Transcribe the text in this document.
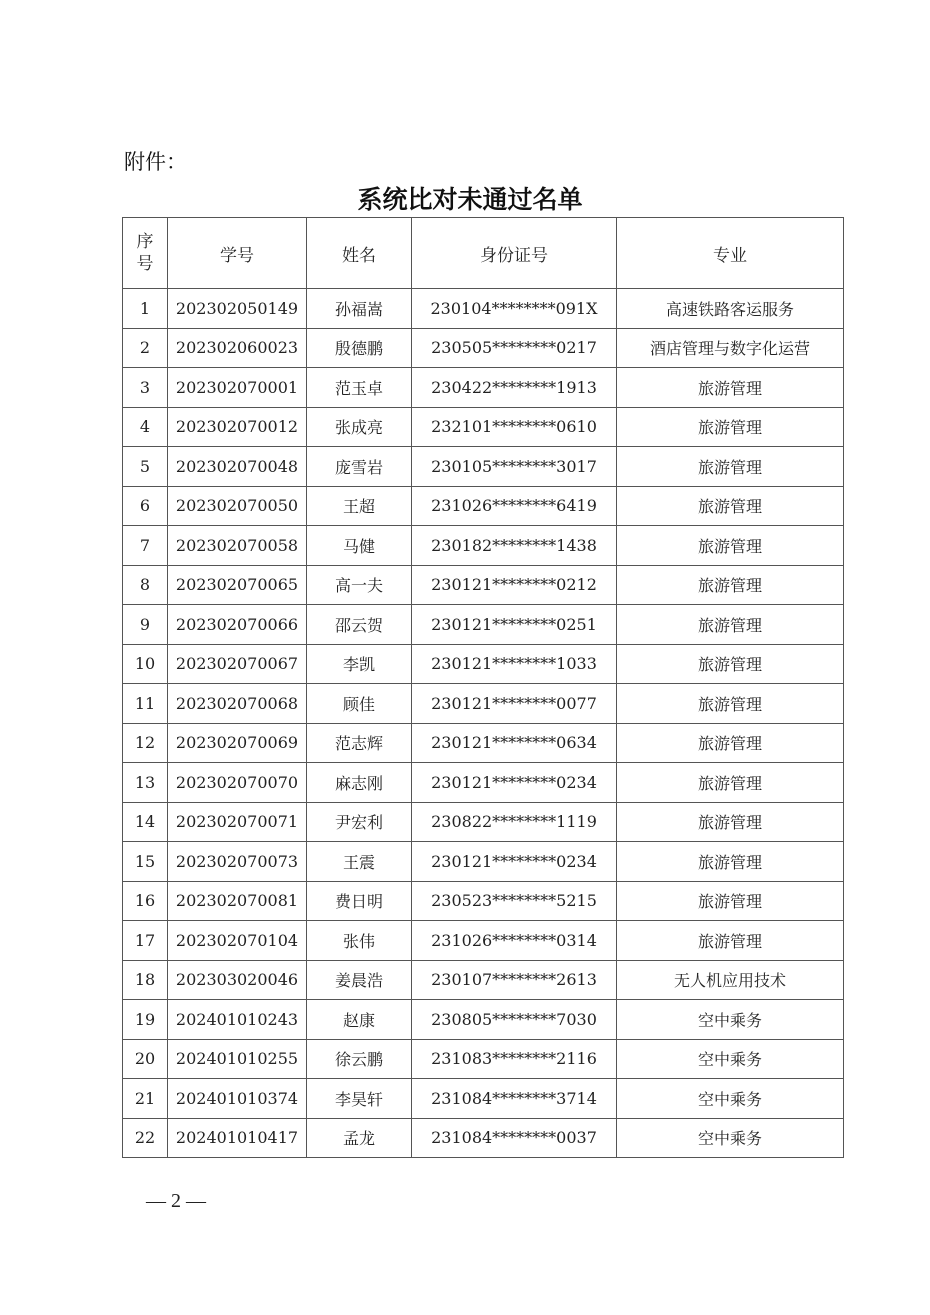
附件：
系统比对未通过名单
序
号	学号	姓名	身份证号	专业
1	202302050149	孙福嵩	230104********091X	高速铁路客运服务
2	202302060023	殷德鹏	230505********0217	酒店管理与数字化运营
3	202302070001	范玉卓	230422********1913	旅游管理
4	202302070012	张成亮	232101********0610	旅游管理
5	202302070048	庞雪岩	230105********3017	旅游管理
6	202302070050	王超	231026********6419	旅游管理
7	202302070058	马健	230182********1438	旅游管理
8	202302070065	高一夫	230121********0212	旅游管理
9	202302070066	邵云贺	230121********0251	旅游管理
10	202302070067	李凯	230121********1033	旅游管理
11	202302070068	顾佳	230121********0077	旅游管理
12	202302070069	范志辉	230121********0634	旅游管理
13	202302070070	麻志刚	230121********0234	旅游管理
14	202302070071	尹宏利	230822********1119	旅游管理
15	202302070073	王震	230121********0234	旅游管理
16	202302070081	费日明	230523********5215	旅游管理
17	202302070104	张伟	231026********0314	旅游管理
18	202303020046	姜晨浩	230107********2613	无人机应用技术
19	202401010243	赵康	230805********7030	空中乘务
20	202401010255	徐云鹏	231083********2116	空中乘务
21	202401010374	李昊轩	231084********3714	空中乘务
22	202401010417	孟龙	231084********0037	空中乘务
— 2 —
